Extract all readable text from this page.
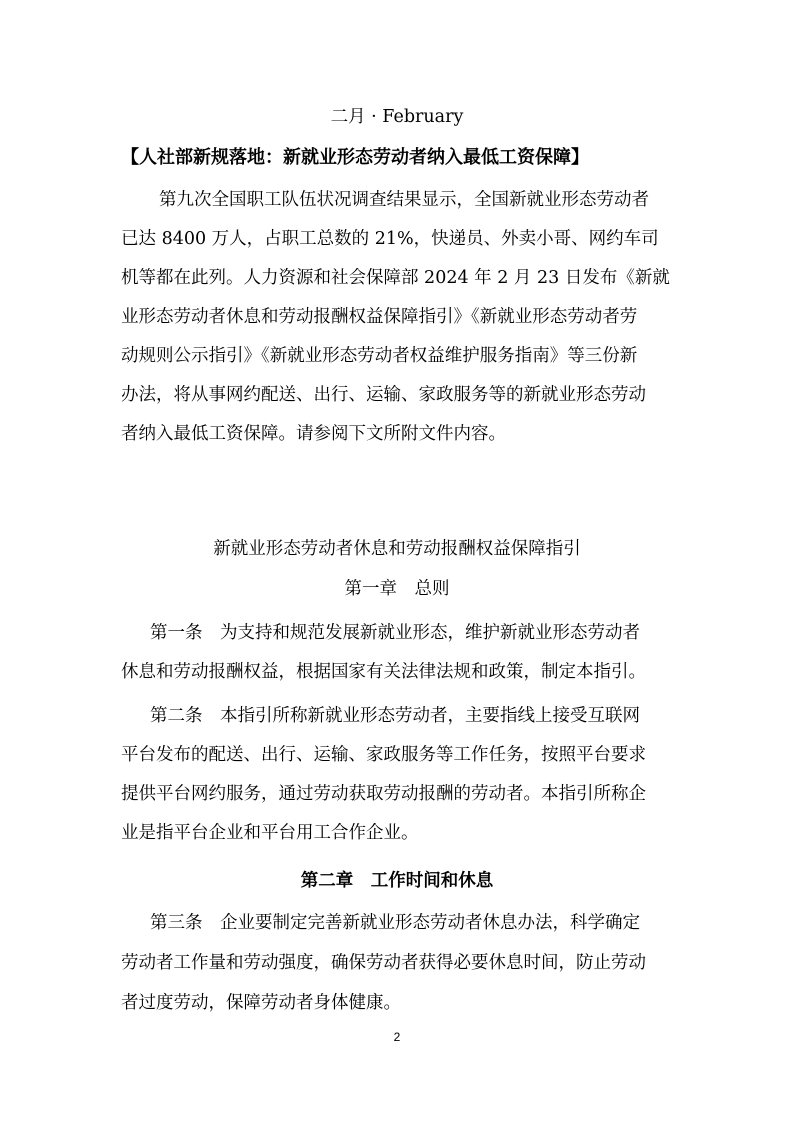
二月 · February
【人社部新规落地：新就业形态劳动者纳入最低工资保障】
第九次全国职工队伍状况调查结果显示，全国新就业形态劳动者
已达 8400 万人，占职工总数的 21%，快递员、外卖小哥、网约车司
机等都在此列。人力资源和社会保障部 2024 年 2 月 23 日发布《新就
业形态劳动者休息和劳动报酬权益保障指引》《新就业形态劳动者劳
动规则公示指引》《新就业形态劳动者权益维护服务指南》等三份新
办法，将从事网约配送、出行、运输、家政服务等的新就业形态劳动
者纳入最低工资保障。请参阅下文所附文件内容。
新就业形态劳动者休息和劳动报酬权益保障指引
第一章　总则
第一条　为支持和规范发展新就业形态，维护新就业形态劳动者
休息和劳动报酬权益，根据国家有关法律法规和政策，制定本指引。
第二条　本指引所称新就业形态劳动者，主要指线上接受互联网
平台发布的配送、出行、运输、家政服务等工作任务，按照平台要求
提供平台网约服务，通过劳动获取劳动报酬的劳动者。本指引所称企
业是指平台企业和平台用工合作企业。
第二章　工作时间和休息
第三条　企业要制定完善新就业形态劳动者休息办法，科学确定
劳动者工作量和劳动强度，确保劳动者获得必要休息时间，防止劳动
者过度劳动，保障劳动者身体健康。
2
